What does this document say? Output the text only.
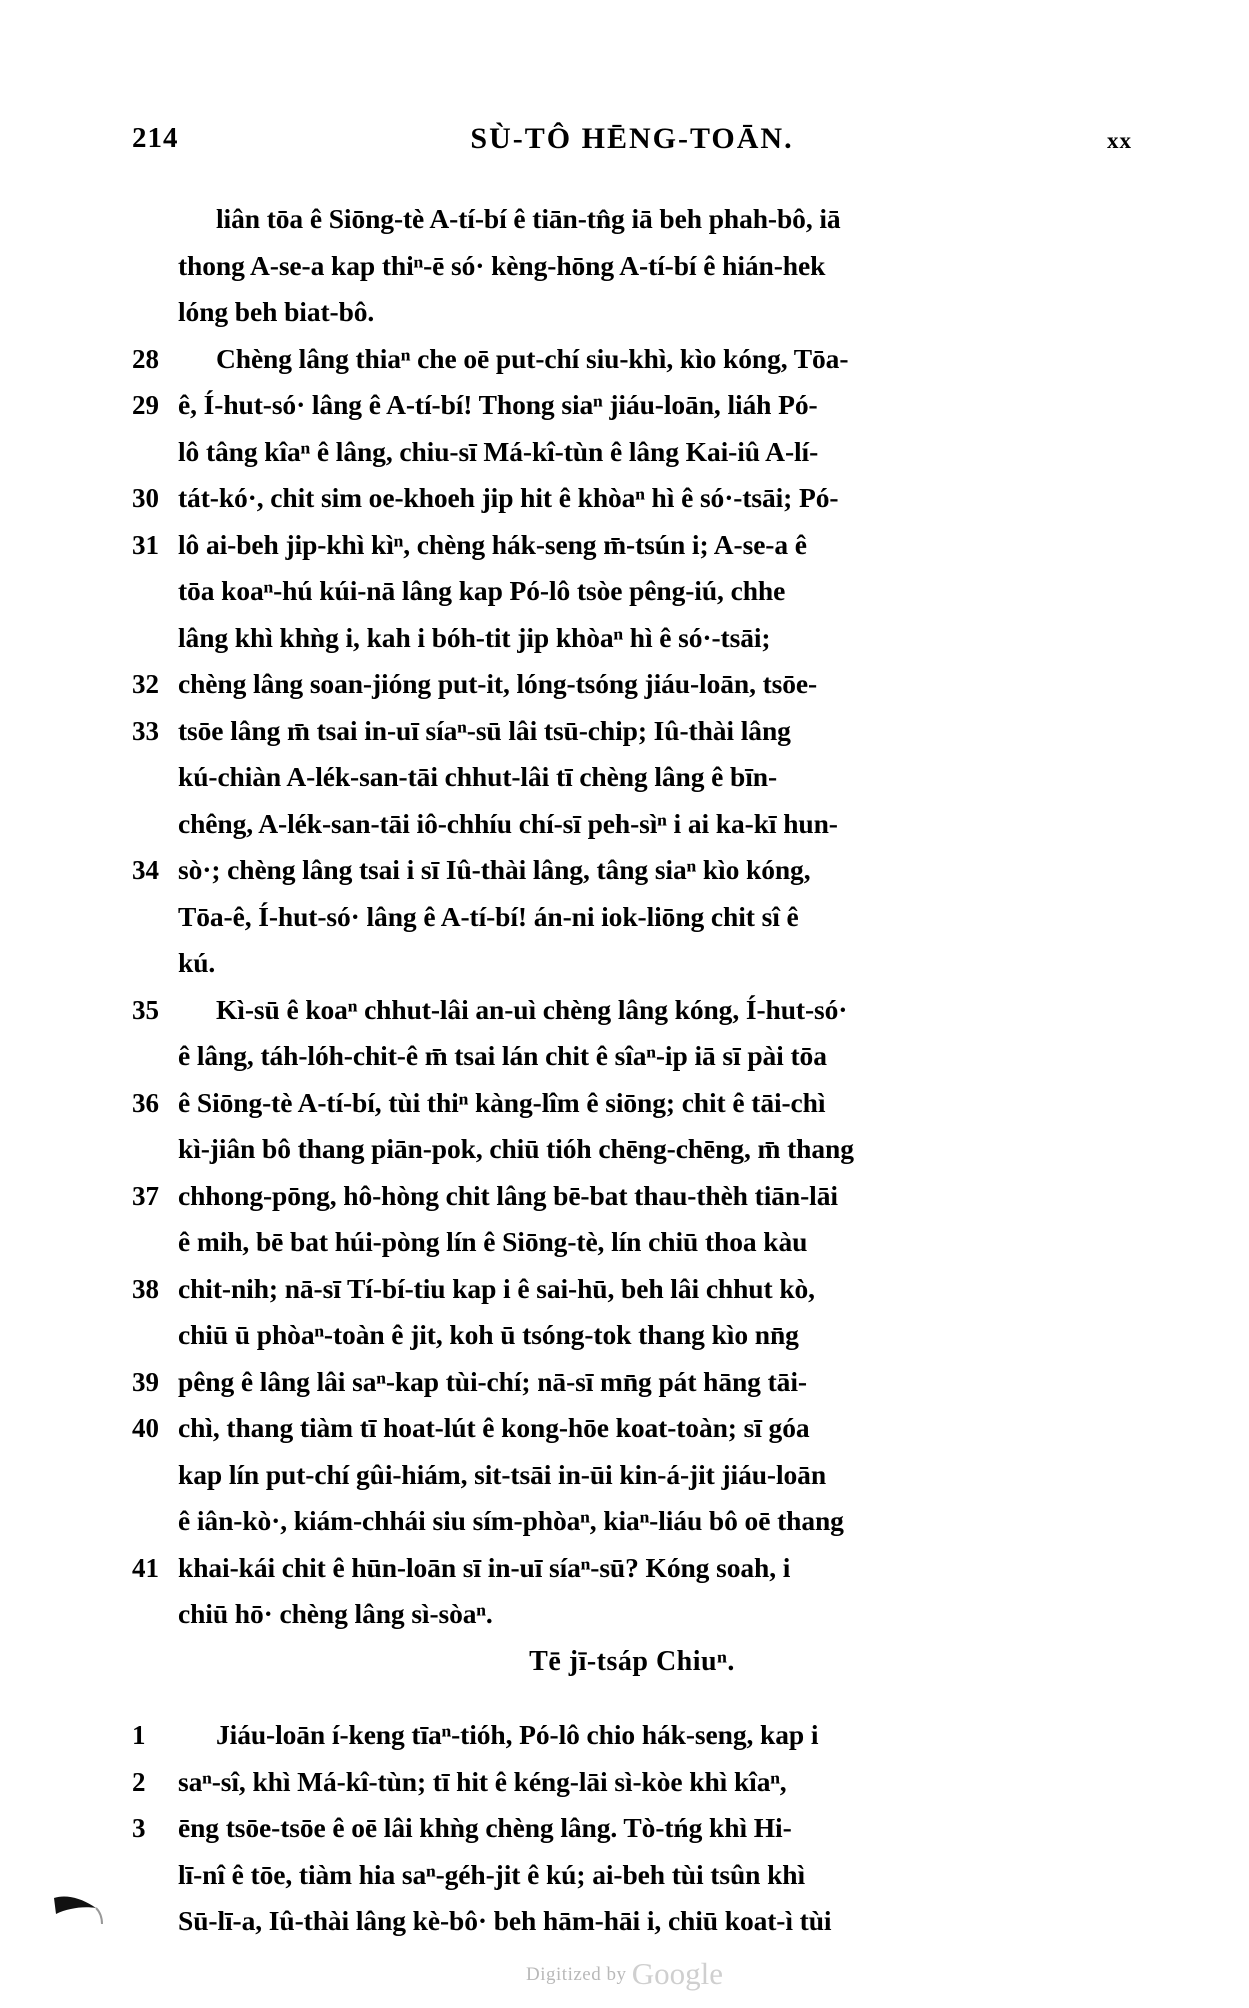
214	SÙ-TÔ HĒNG-TOĀN.	xx
liân tōa ê Siōng-tè A-tí-bí ê tiān-tn̂g iā beh phah-bô, iā
thong A-se-a kap thiⁿ-ē só· kèng-hōng A-tí-bí ê hián-hek
lóng beh biat-bô.
28	Chèng lâng thiaⁿ che oē put-chí siu-khì, kìo kóng, Tōa-
29 ê, Í-hut-só· lâng ê A-tí-bí! Thong siaⁿ jiáu-loān, liáh Pó-
lô tâng kîaⁿ ê lâng, chiu-sī Má-kî-tùn ê lâng Kai-iû A-lí-
30 tát-kó·, chit sim oe-khoeh jip hit ê khòaⁿ hì ê só·-tsāi; Pó-
31 lô ai-beh jip-khì kìⁿ, chèng hák-seng m̄-tsún i; A-se-a ê
tōa koaⁿ-hú kúi-nā lâng kap Pó-lô tsòe pêng-iú, chhe
lâng khì khǹg i, kah i bóh-tit jip khòaⁿ hì ê só·-tsāi;
32 chèng lâng soan-jióng put-it, lóng-tsóng jiáu-loān, tsōe-
33 tsōe lâng m̄ tsai in-uī síaⁿ-sū lâi tsū-chip; Iû-thài lâng
kú-chiàn A-lék-san-tāi chhut-lâi tī chèng lâng ê bīn-
chêng, A-lék-san-tāi iô-chhíu chí-sī peh-sìⁿ i ai ka-kī hun-
34 sò·; chèng lâng tsai i sī Iû-thài lâng, tâng siaⁿ kìo kóng,
Tōa-ê, Í-hut-só· lâng ê A-tí-bí! án-ni iok-liōng chit sî ê
kú.
35	Kì-sū ê koaⁿ chhut-lâi an-uì chèng lâng kóng, Í-hut-só·
ê lâng, táh-lóh-chit-ê m̄ tsai lán chit ê sîaⁿ-ip iā sī pài tōa
36 ê Siōng-tè A-tí-bí, tùi thiⁿ kàng-lîm ê siōng; chit ê tāi-chì
kì-jiân bô thang piān-pok, chiū tióh chēng-chēng, m̄ thang
37 chhong-pōng, hô-hòng chit lâng bē-bat thau-thèh tiān-lāi
ê mih, bē bat húi-pòng lín ê Siōng-tè, lín chiū thoa kàu
38 chit-nih; nā-sī Tí-bí-tiu kap i ê sai-hū, beh lâi chhut kò,
chiū ū phòaⁿ-toàn ê jit, koh ū tsóng-tok thang kìo nn̄g
39 pêng ê lâng lâi saⁿ-kap tùi-chí; nā-sī mn̄g pát hāng tāi-
40 chì, thang tiàm tī hoat-lút ê kong-hōe koat-toàn; sī góa
kap lín put-chí gûi-hiám, sit-tsāi in-ūi kin-á-jit jiáu-loān
ê iân-kò·, kiám-chhái siu sím-phòaⁿ, kiaⁿ-liáu bô oē thang
41 khai-kái chit ê hūn-loān sī in-uī síaⁿ-sū? Kóng soah, i
chiū hō· chèng lâng sì-sòaⁿ.
Tē jī-tsáp Chiuⁿ.
1	Jiáu-loān í-keng tīaⁿ-tióh, Pó-lô chio hák-seng, kap i
2	saⁿ-sî, khì Má-kî-tùn; tī hit ê kéng-lāi sì-kòe khì kîaⁿ,
3	ēng tsōe-tsōe ê oē lâi khǹg chèng lâng. Tò-tńg khì Hi-
lī-nî ê tōe, tiàm hia saⁿ-géh-jit ê kú; ai-beh tùi tsûn khì
Sū-lī-a, Iû-thài lâng kè-bô· beh hām-hāi i, chiū koat-ì tùi
Digitized by Google
